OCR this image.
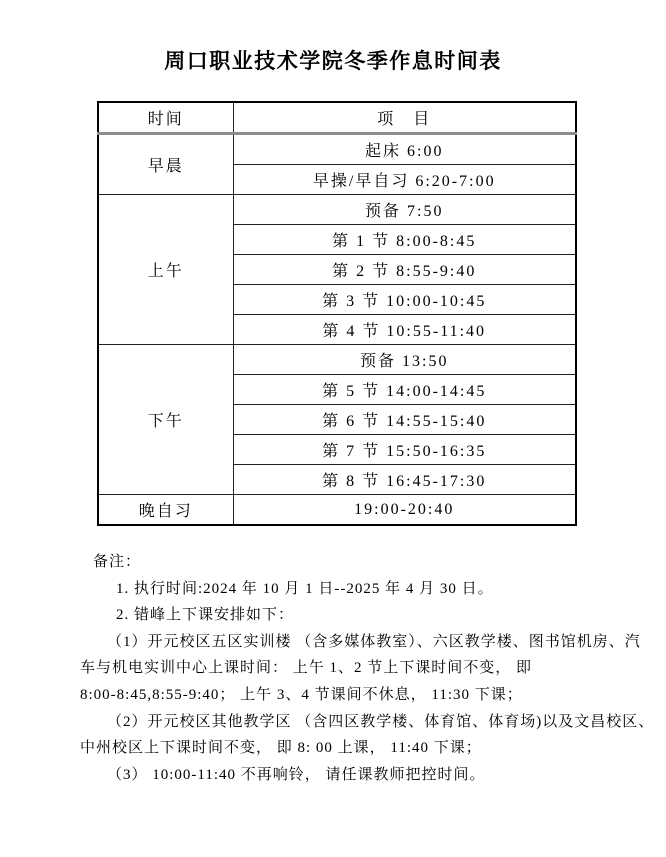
周口职业技术学院冬季作息时间表
时间	项　目
早晨	起床 6:00
	早操/早自习 6:20-7:00
上午	预备 7:50
	第 1 节 8:00-8:45
	第 2 节 8:55-9:40
	第 3 节 10:00-10:45
	第 4 节 10:55-11:40
下午	预备 13:50
	第 5 节 14:00-14:45
	第 6 节 14:55-15:40
	第 7 节 15:50-16:35
	第 8 节 16:45-17:30
晚自习	19:00-20:40
备注：
1. 执行时间:2024 年 10 月 1 日--2025 年 4 月 30 日。
2. 错峰上下课安排如下：
（1）开元校区五区实训楼 （含多媒体教室）、六区教学楼、图书馆机房、汽
车与机电实训中心上课时间： 上午 1、2 节上下课时间不变， 即
8:00-8:45,8:55-9:40； 上午 3、4 节课间不休息， 11:30 下课；
（2）开元校区其他教学区 （含四区教学楼、体育馆、体育场)以及文昌校区、
中州校区上下课时间不变， 即 8: 00 上课， 11:40 下课；
（3） 10:00-11:40 不再响铃， 请任课教师把控时间。
